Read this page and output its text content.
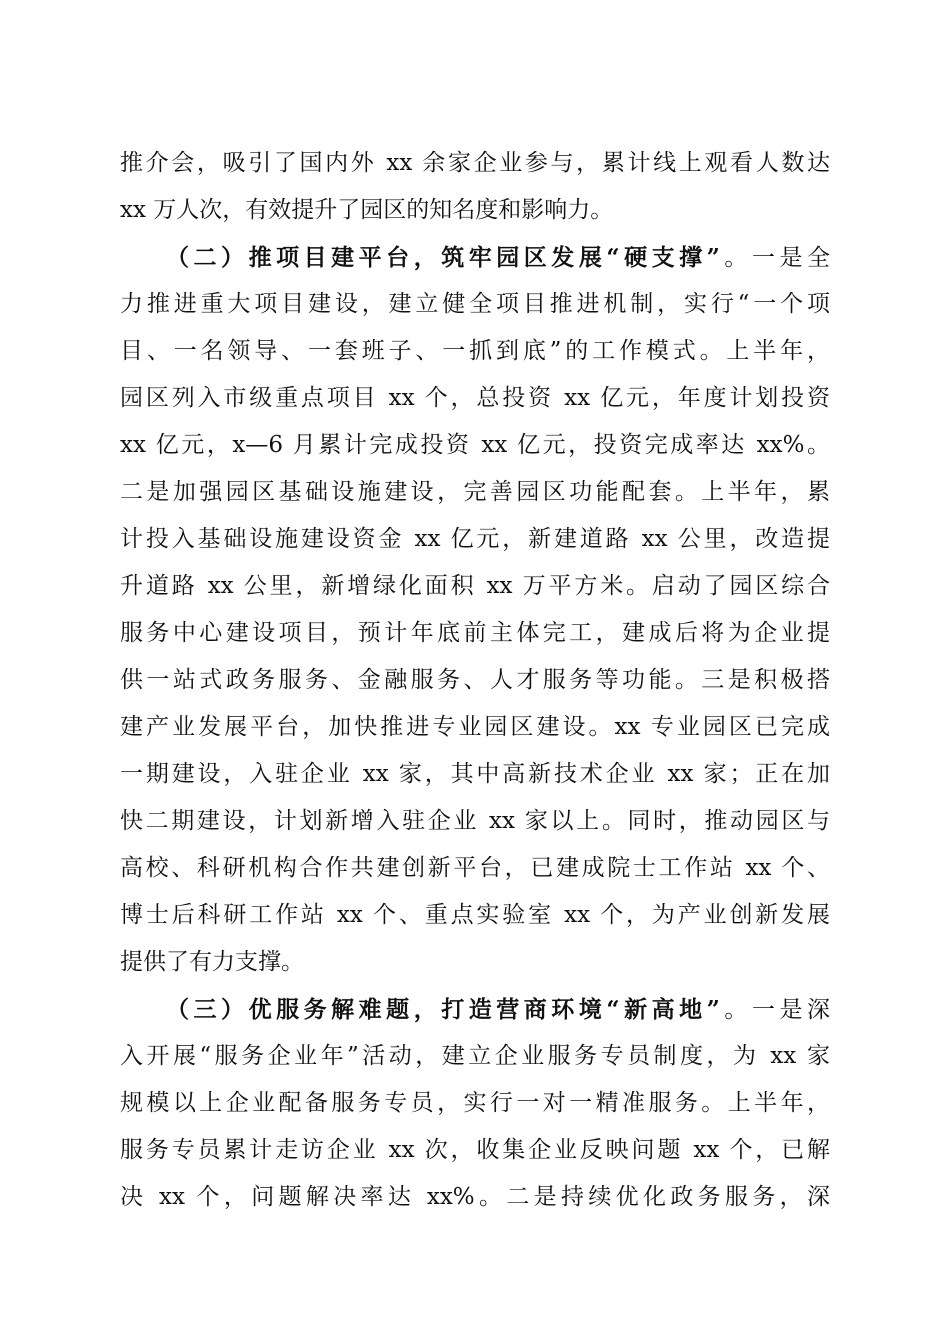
推介会，吸引了国内外 xx 余家企业参与，累计线上观看人数达
xx 万人次，有效提升了园区的知名度和影响力。
（二）推项目建平台，筑牢园区发展“硬支撑”。一是全
力推进重大项目建设，建立健全项目推进机制，实行“一个项
目、一名领导、一套班子、一抓到底”的工作模式。上半年，
园区列入市级重点项目 xx 个，总投资 xx 亿元，年度计划投资
xx 亿元，x—6 月累计完成投资 xx 亿元，投资完成率达 xx%。
二是加强园区基础设施建设，完善园区功能配套。上半年，累
计投入基础设施建设资金 xx 亿元，新建道路 xx 公里，改造提
升道路 xx 公里，新增绿化面积 xx 万平方米。启动了园区综合
服务中心建设项目，预计年底前主体完工，建成后将为企业提
供一站式政务服务、金融服务、人才服务等功能。三是积极搭
建产业发展平台，加快推进专业园区建设。xx 专业园区已完成
一期建设，入驻企业 xx 家，其中高新技术企业 xx 家；正在加
快二期建设，计划新增入驻企业 xx 家以上。同时，推动园区与
高校、科研机构合作共建创新平台，已建成院士工作站 xx 个、
博士后科研工作站 xx 个、重点实验室 xx 个，为产业创新发展
提供了有力支撑。
（三）优服务解难题，打造营商环境“新高地”。一是深
入开展“服务企业年”活动，建立企业服务专员制度，为 xx 家
规模以上企业配备服务专员，实行一对一精准服务。上半年，
服务专员累计走访企业 xx 次，收集企业反映问题 xx 个，已解
决 xx 个，问题解决率达 xx%。二是持续优化政务服务，深
